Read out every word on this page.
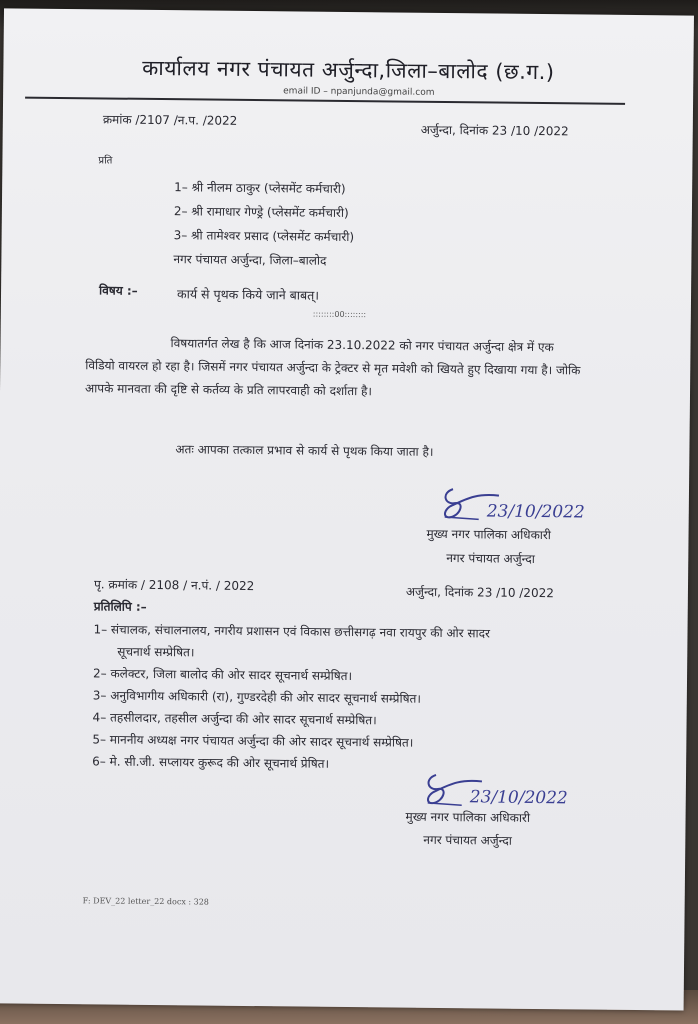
कार्यालय नगर पंचायत अर्जुन्दा,जिला–बालोद (छ.ग.)
email ID – npanjunda@gmail.com
क्रमांक /2107 /न.प. /2022
अर्जुन्दा, दिनांक 23 /10 /2022
प्रति
1– श्री नीलम ठाकुर (प्लेसमेंट कर्मचारी)
2– श्री रामाधार गेण्ड्रे (प्लेसमेंट कर्मचारी)
3– श्री तामेश्वर प्रसाद (प्लेसमेंट कर्मचारी)
नगर पंचायत अर्जुन्दा, जिला–बालोद
विषय :–	कार्य से पृथक किये जाने बाबत्।
::::::::00::::::::
विषयातर्गत लेख है कि आज दिनांक 23.10.2022 को नगर पंचायत अर्जुन्दा क्षेत्र में एक विडियो वायरल हो रहा है। जिसमें नगर पंचायत अर्जुन्दा के ट्रेक्टर से मृत मवेशी को खियते हुए दिखाया गया है। जोकि आपके मानवता की दृष्टि से कर्तव्य के प्रति लापरवाही को दर्शाता है।
अतः आपका तत्काल प्रभाव से कार्य से पृथक किया जाता है।
23/10/2022
मुख्य नगर पालिका अधिकारी
नगर पंचायत अर्जुन्दा
पृ. क्रमांक / 2108 / न.पं. / 2022	अर्जुन्दा, दिनांक 23 /10 /2022
प्रतिलिपि :–
1– संचालक, संचालनालय, नगरीय प्रशासन एवं विकास छत्तीसगढ़ नवा रायपुर की ओर सादर
सूचनार्थ सम्प्रेषित।
2– कलेक्टर, जिला बालोद की ओर सादर सूचनार्थ सम्प्रेषित।
3– अनुविभागीय अधिकारी (रा), गुण्डरदेही की ओर सादर सूचनार्थ सम्प्रेषित।
4– तहसीलदार, तहसील अर्जुन्दा की ओर सादर सूचनार्थ सम्प्रेषित।
5– माननीय अध्यक्ष नगर पंचायत अर्जुन्दा की ओर सादर सूचनार्थ सम्प्रेषित।
6– मे. सी.जी. सप्लायर कुरूद की ओर सूचनार्थ प्रेषित।
23/10/2022
मुख्य नगर पालिका अधिकारी
नगर पंचायत अर्जुन्दा
F: DEV_22 letter_22 docx : 328
